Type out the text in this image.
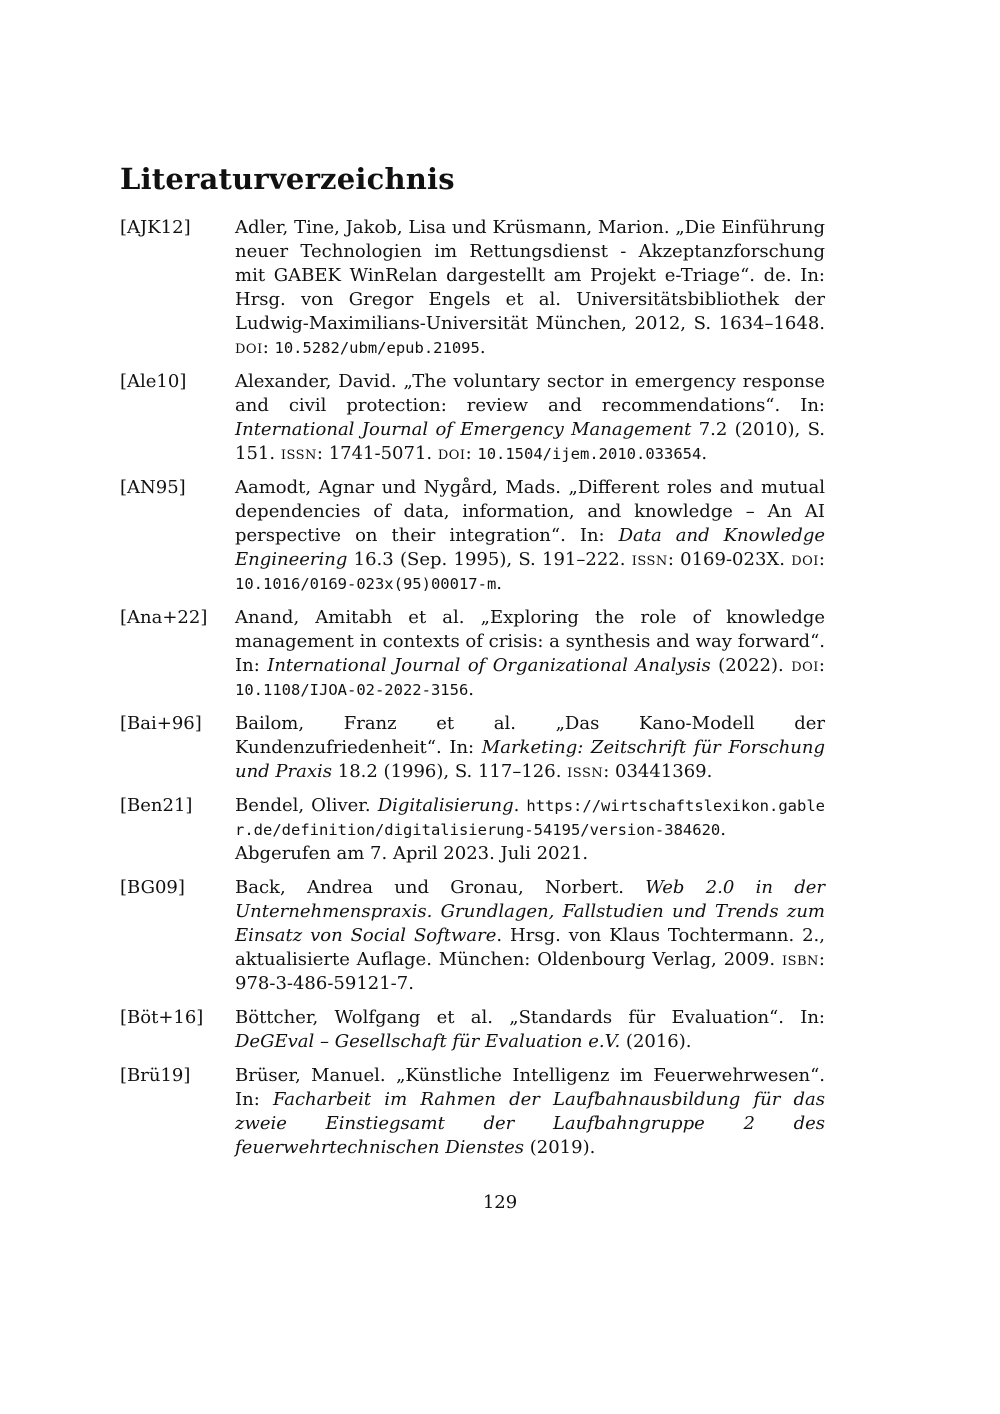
Literaturverzeichnis
[AJK12]	Adler, Tine, Jakob, Lisa und Krüsmann, Marion. „Die Einführung neuer Technologien im Rettungsdienst - Akzeptanzforschung mit GABEK WinRelan dargestellt am Projekt e-Triage“. de. In: Hrsg. von Gregor Engels et al. Universitätsbibliothek der Ludwig-Maximilians-Universität München, 2012, S. 1634–1648. doi: 10.5282/ubm/epub.21095.
[Ale10]	Alexander, David. „The voluntary sector in emergency response and civil protection: review and recommendations“. In: International Journal of Emergency Management 7.2 (2010), S. 151. issn: 1741-5071. doi: 10.1504/ijem.2010.033654.
[AN95]	Aamodt, Agnar und Nygård, Mads. „Different roles and mutual dependencies of data, information, and knowledge – An AI perspective on their integration“. In: Data and Knowledge Engineering 16.3 (Sep. 1995), S. 191–222. issn: 0169-023X. doi: 10.1016/0169-023x(95)00017-m.
[Ana+22]	Anand, Amitabh et al. „Exploring the role of knowledge management in contexts of crisis: a synthesis and way forward“. In: International Journal of Organizational Analysis (2022). doi: 10.1108/IJOA-02-2022-3156.
[Bai+96]	Bailom, Franz et al. „Das Kano-Modell der Kundenzufriedenheit“. In: Marketing: Zeitschrift für Forschung und Praxis 18.2 (1996), S. 117–126. issn: 03441369.
[Ben21]	Bendel, Oliver. Digitalisierung. https://wirtschaftslexikon.gabler.de/definition/digitalisierung-54195/version-384620. Abgerufen am 7. April 2023. Juli 2021.
[BG09]	Back, Andrea und Gronau, Norbert. Web 2.0 in der Unternehmenspraxis. Grundlagen, Fallstudien und Trends zum Einsatz von Social Software. Hrsg. von Klaus Tochtermann. 2., aktualisierte Auflage. München: Oldenbourg Verlag, 2009. isbn: 978-3-486-59121-7.
[Böt+16]	Böttcher, Wolfgang et al. „Standards für Evaluation“. In: DeGEval – Gesellschaft für Evaluation e.V. (2016).
[Brü19]	Brüser, Manuel. „Künstliche Intelligenz im Feuerwehrwesen“. In: Facharbeit im Rahmen der Laufbahnausbildung für das zweie Einstiegsamt der Laufbahngruppe 2 des feuerwehrtechnischen Dienstes (2019).
129
